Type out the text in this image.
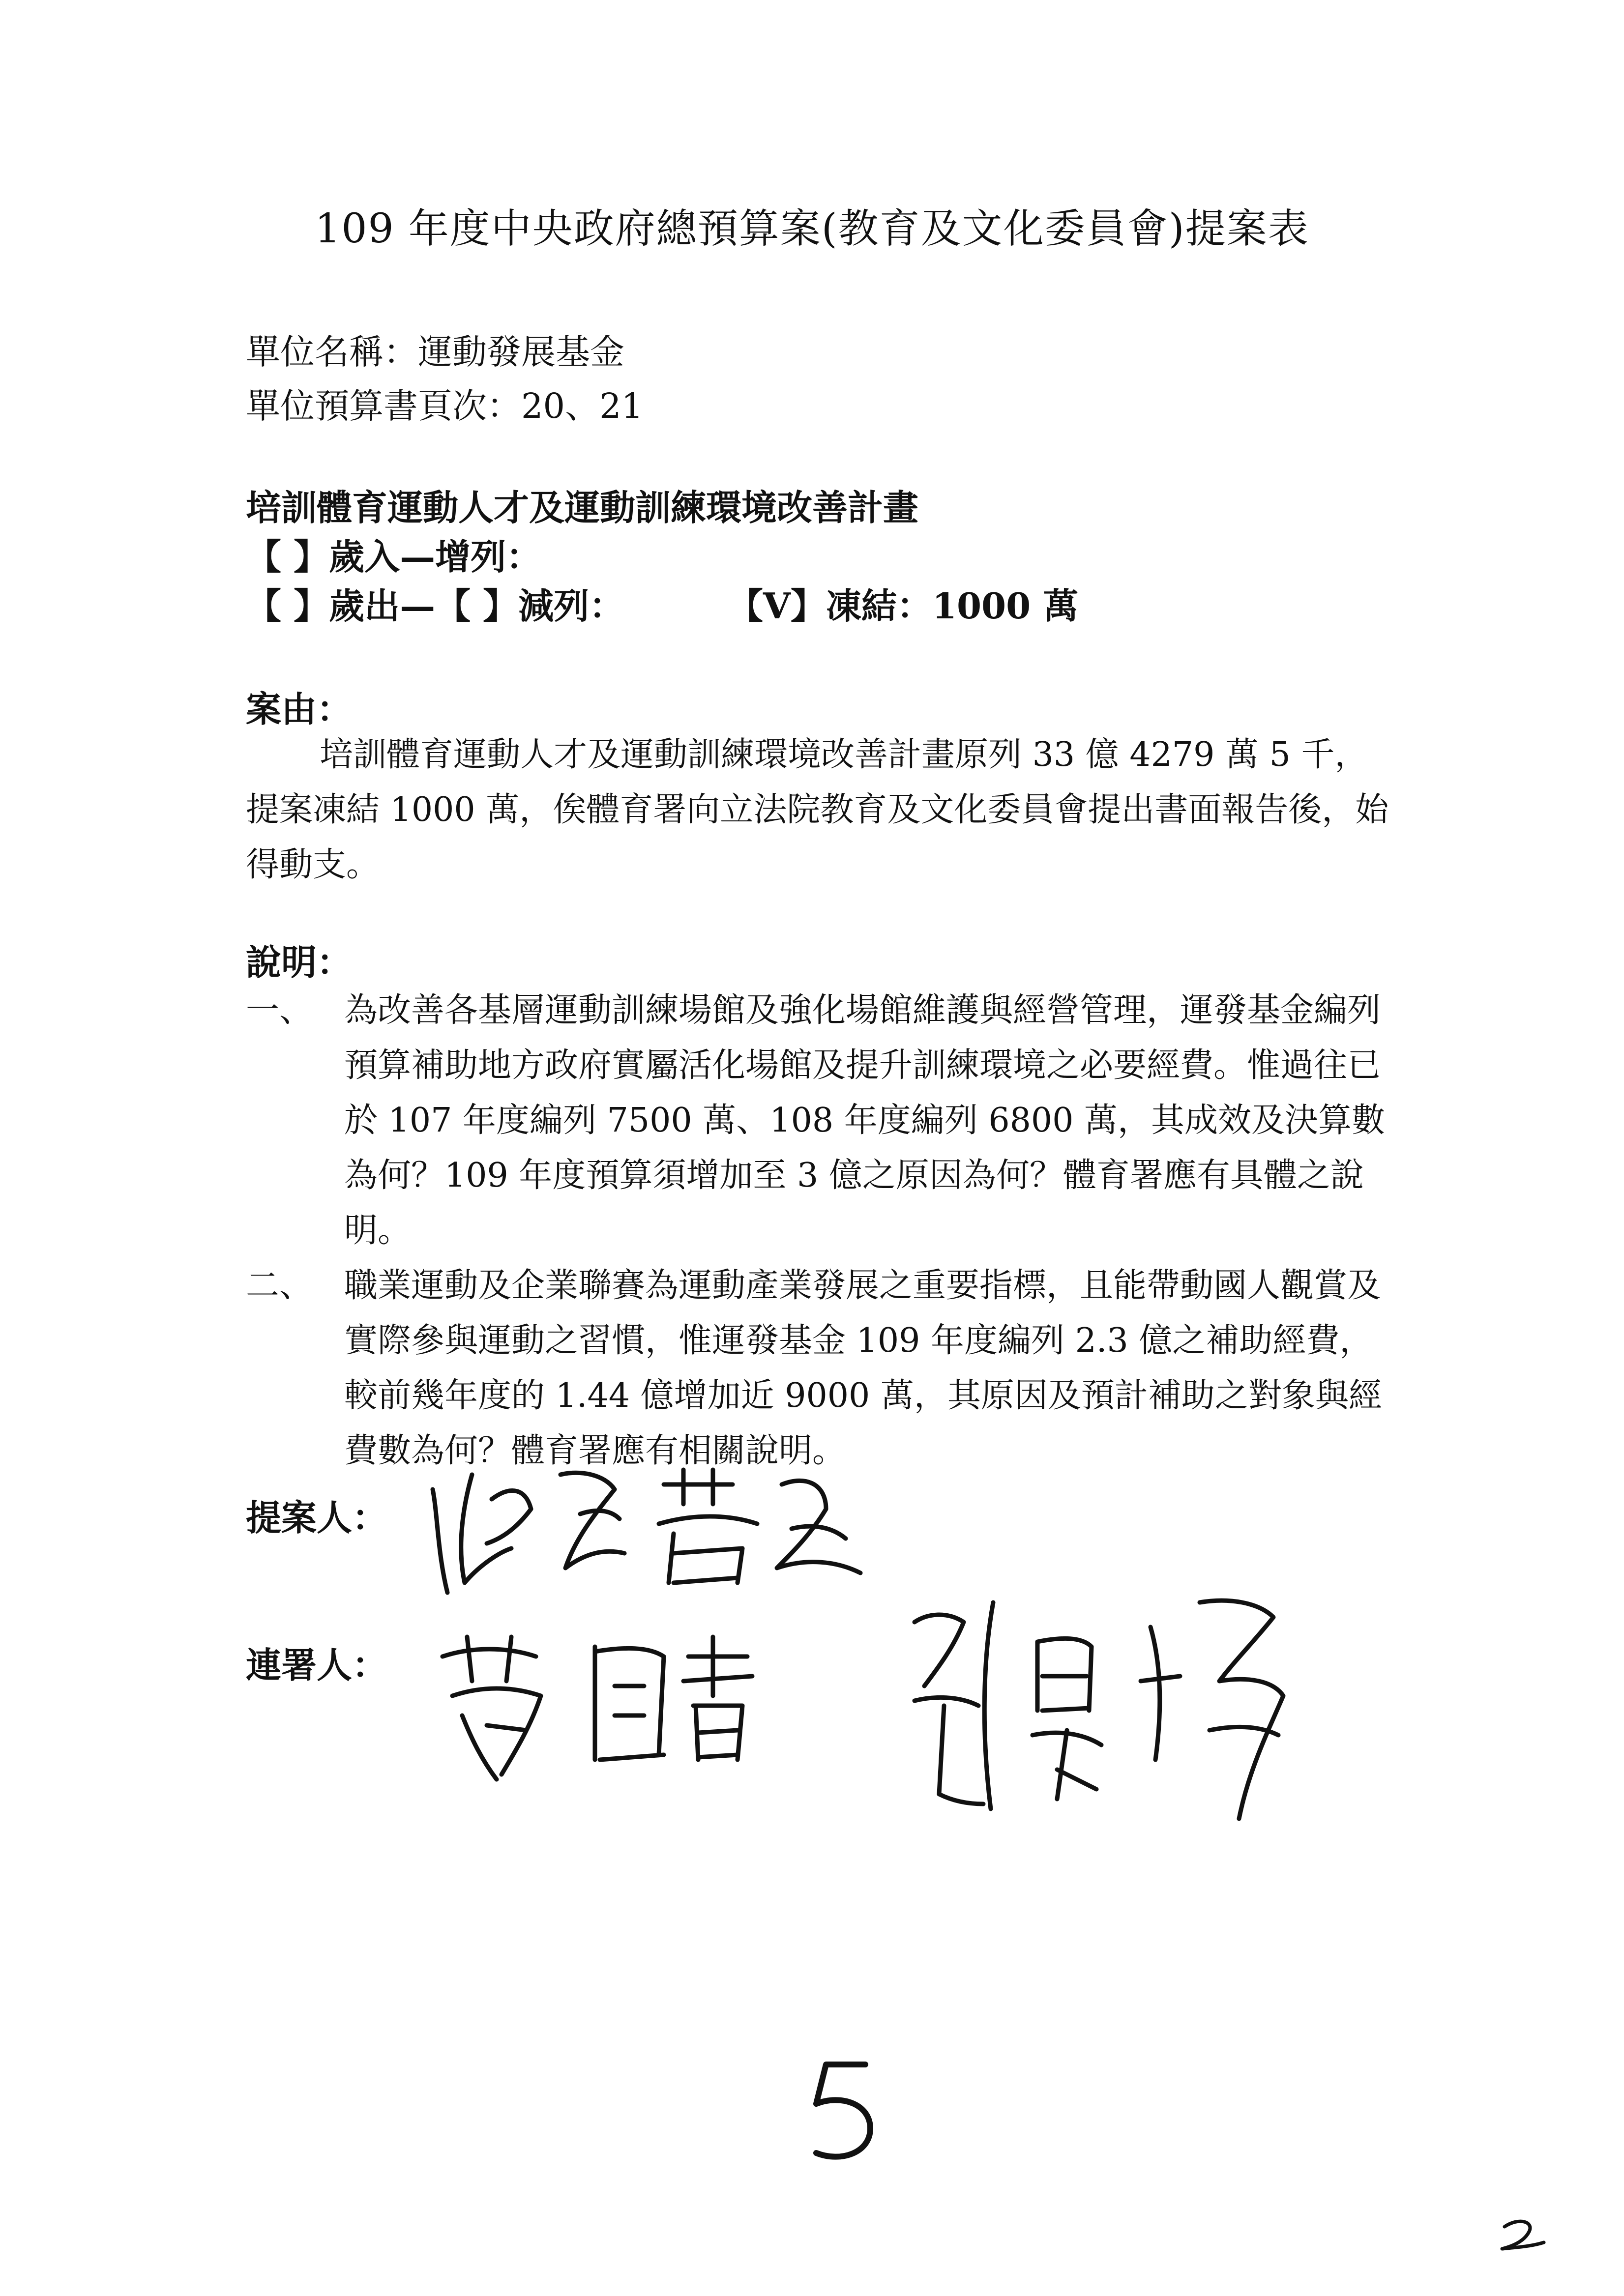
109 年度中央政府總預算案(教育及文化委員會)提案表
單位名稱：運動發展基金
單位預算書頁次：20、21
培訓體育運動人才及運動訓練環境改善計畫
【 】歲入—增列：
【 】歲出—【 】減列：	【V】凍結：1000 萬
案由：
培訓體育運動人才及運動訓練環境改善計畫原列 33 億 4279 萬 5 千，提案凍結 1000 萬，俟體育署向立法院教育及文化委員會提出書面報告後，始得動支。
說明：
一、 為改善各基層運動訓練場館及強化場館維護與經營管理，運發基金編列預算補助地方政府實屬活化場館及提升訓練環境之必要經費。惟過往已於 107 年度編列 7500 萬、108 年度編列 6800 萬，其成效及決算數為何？109 年度預算須增加至 3 億之原因為何？體育署應有具體之說明。
二、 職業運動及企業聯賽為運動產業發展之重要指標，且能帶動國人觀賞及實際參與運動之習慣，惟運發基金 109 年度編列 2.3 億之補助經費，較前幾年度的 1.44 億增加近 9000 萬，其原因及預計補助之對象與經費數為何？體育署應有相關說明。
提案人：
連署人：
5
2
張
黃
吳
